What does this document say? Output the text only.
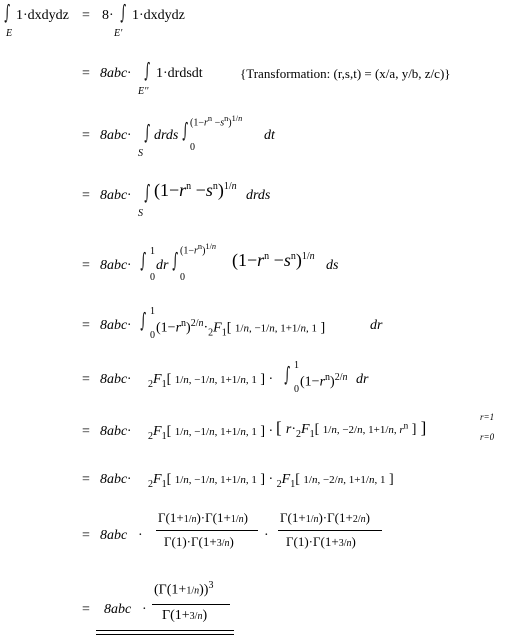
∫
E
1·dxdydz = 8· ∫
E'
1·dxdydz
= 8abc· ∫
E''
1·drdsdt	{Transformation: (r,s,t) = (x/a, y/b, z/c)}
= 8abc· ∫
S
drds ∫
0
$(1-r^n -s^n)^{1/n}$
dt
= 8abc· ∫
S
$(1-r^n -s^n)^{1/n}$
drds
= 8abc· ∫
0
1
dr ∫
0
$(1-r^n)^{1/n}$
$(1-r^n -s^n)^{1/n}$
ds
= 8abc· ∫
0
1
$(1-r^n)^{2/n}\cdot_2F_1$[ 1/n, −1/n, 1+1/n, 1 ]	dr
= $8abc\cdot _2F_1$[ 1/n, −1/n, 1+1/n, 1 ] · ∫
0
1
$(1-r^n)^{2/n}$ dr
= $8abc\cdot _2F_1$[ 1/n, −1/n, 1+1/n, 1 ] · [ $r\cdot_2F_1$[ 1/n, −2/n, 1+1/n, $r^n$ ] ]
r=1
r=0
= $8abc\cdot _2F_1$[ 1/n, −1/n, 1+1/n, 1 ] · $_2F_1$[ 1/n, −2/n, 1+1/n, 1 ]
= 8abc ·
Γ(1+1/n)·Γ(1+1/n)
Γ(1)·Γ(1+3/n) ·
Γ(1+1/n)·Γ(1+2/n)
Γ(1)·Γ(1+3/n)
= 8abc ·
$(\Gamma(1+1/n))^3$
Γ(1+3/n)
